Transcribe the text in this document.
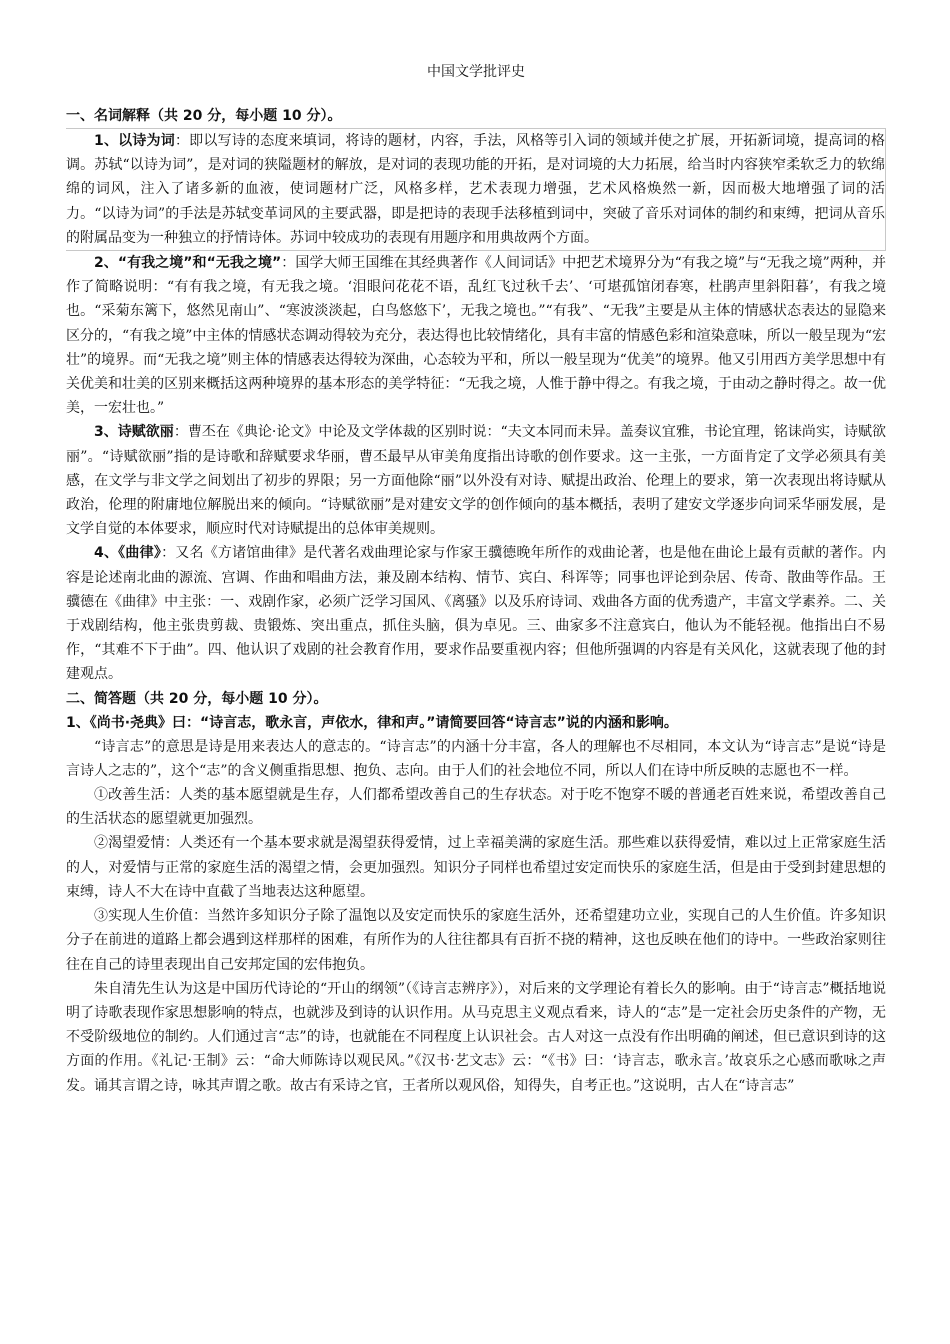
中国文学批评史

一、名词解释（共 20 分，每小题 10 分）。

1、以诗为词：即以写诗的态度来填词，将诗的题材，内容，手法，风格等引入词的领域并使之扩展，开拓新词境，提高词的格调。苏轼“以诗为词”，是对词的狭隘题材的解放，是对词的表现功能的开拓，是对词境的大力拓展，给当时内容狭窄柔软乏力的软绵绵的词风，注入了诸多新的血液，使词题材广泛，风格多样，艺术表现力增强，艺术风格焕然一新，因而极大地增强了词的活力。“以诗为词”的手法是苏轼变革词风的主要武器，即是把诗的表现手法移植到词中，突破了音乐对词体的制约和束缚，把词从音乐的附属品变为一种独立的抒情诗体。苏词中较成功的表现有用题序和用典故两个方面。

2、“有我之境”和“无我之境”：国学大师王国维在其经典著作《人间词话》中把艺术境界分为“有我之境”与“无我之境”两种，并作了简略说明：“有有我之境，有无我之境。‘泪眼问花花不语，乱红飞过秋千去’、‘可堪孤馆闭春寒，杜鹃声里斜阳暮’，有我之境也。“采菊东篱下，悠然见南山”、“寒波淡淡起，白鸟悠悠下’，无我之境也。”“有我”、“无我”主要是从主体的情感状态表达的显隐来区分的，“有我之境”中主体的情感状态调动得较为充分，表达得也比较情绪化，具有丰富的情感色彩和渲染意味，所以一般呈现为“宏壮”的境界。而“无我之境”则主体的情感表达得较为深曲，心态较为平和，所以一般呈现为“优美”的境界。他又引用西方美学思想中有关优美和壮美的区别来概括这两种境界的基本形态的美学特征：“无我之境，人惟于静中得之。有我之境，于由动之静时得之。故一优美，一宏壮也。”

3、诗赋欲丽：曹丕在《典论·论文》中论及文学体裁的区别时说：“夫文本同而未异。盖奏议宜雅，书论宜理，铭诔尚实，诗赋欲丽”。“诗赋欲丽”指的是诗歌和辞赋要求华丽，曹丕最早从审美角度指出诗歌的创作要求。这一主张，一方面肯定了文学必须具有美感，在文学与非文学之间划出了初步的界限；另一方面他除“丽”以外没有对诗、赋提出政治、伦理上的要求，第一次表现出将诗赋从政治，伦理的附庸地位解脱出来的倾向。“诗赋欲丽”是对建安文学的创作倾向的基本概括，表明了建安文学逐步向词采华丽发展，是文学自觉的本体要求，顺应时代对诗赋提出的总体审美规则。

4、《曲律》：又名《方诸馆曲律》是代著名戏曲理论家与作家王骥德晚年所作的戏曲论著，也是他在曲论上最有贡献的著作。内容是论述南北曲的源流、宫调、作曲和唱曲方法，兼及剧本结构、情节、宾白、科诨等；同事也评论到杂居、传奇、散曲等作品。王骥德在《曲律》中主张：一、戏剧作家，必须广泛学习国风、《离骚》以及乐府诗词、戏曲各方面的优秀遗产，丰富文学素养。二、关于戏剧结构，他主张贵剪裁、贵锻炼、突出重点，抓住头脑，俱为卓见。三、曲家多不注意宾白，他认为不能轻视。他指出白不易作，“其难不下于曲”。四、他认识了戏剧的社会教育作用，要求作品要重视内容；但他所强调的内容是有关风化，这就表现了他的封建观点。

二、简答题（共 20 分，每小题 10 分）。

1、《尚书·尧典》曰：“诗言志，歌永言，声依水，律和声。”请简要回答“诗言志”说的内涵和影响。

“诗言志”的意思是诗是用来表达人的意志的。“诗言志”的内涵十分丰富，各人的理解也不尽相同，本文认为“诗言志”是说“诗是言诗人之志的”，这个“志”的含义侧重指思想、抱负、志向。由于人们的社会地位不同，所以人们在诗中所反映的志愿也不一样。

①改善生活：人类的基本愿望就是生存，人们都希望改善自己的生存状态。对于吃不饱穿不暖的普通老百姓来说，希望改善自己的生活状态的愿望就更加强烈。

②渴望爱情：人类还有一个基本要求就是渴望获得爱情，过上幸福美满的家庭生活。那些难以获得爱情，难以过上正常家庭生活的人，对爱情与正常的家庭生活的渴望之情，会更加强烈。知识分子同样也希望过安定而快乐的家庭生活，但是由于受到封建思想的束缚，诗人不大在诗中直截了当地表达这种愿望。

③实现人生价值：当然许多知识分子除了温饱以及安定而快乐的家庭生活外，还希望建功立业，实现自己的人生价值。许多知识分子在前进的道路上都会遇到这样那样的困难，有所作为的人往往都具有百折不挠的精神，这也反映在他们的诗中。一些政治家则往往在自己的诗里表现出自己安邦定国的宏伟抱负。

朱自清先生认为这是中国历代诗论的“开山的纲领”（《诗言志辨序》），对后来的文学理论有着长久的影响。由于“诗言志”概括地说明了诗歌表现作家思想影响的特点，也就涉及到诗的认识作用。从马克思主义观点看来，诗人的“志”是一定社会历史条件的产物，无不受阶级地位的制约。人们通过言“志”的诗，也就能在不同程度上认识社会。古人对这一点没有作出明确的阐述，但已意识到诗的这方面的作用。《礼记·王制》云：“命大师陈诗以观民风。”《汉书·艺文志》云：“《书》曰：‘诗言志，歌永言。’故哀乐之心感而歌咏之声发。诵其言谓之诗，咏其声谓之歌。故古有采诗之官，王者所以观风俗，知得失，自考正也。”这说明，古人在“诗言志”
